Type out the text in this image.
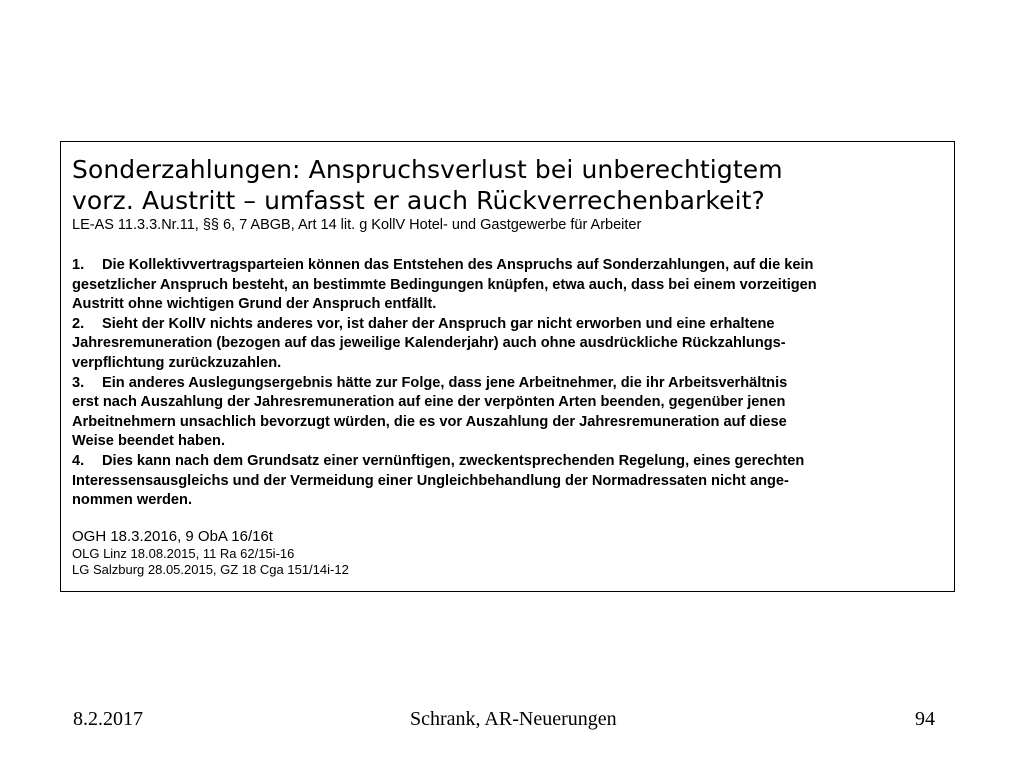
Sonderzahlungen: Anspruchsverlust bei unberechtigtem
vorz. Austritt – umfasst er auch Rückverrechenbarkeit?

LE-AS 11.3.3.Nr.11, §§ 6, 7 ABGB, Art 14 lit. g KollV Hotel- und Gastgewerbe für Arbeiter

1. Die Kollektivvertragsparteien können das Entstehen des Anspruchs auf Sonderzahlungen, auf die kein
gesetzlicher Anspruch besteht, an bestimmte Bedingungen knüpfen, etwa auch, dass bei einem vorzeitigen
Austritt ohne wichtigen Grund der Anspruch entfällt.

2. Sieht der KollV nichts anderes vor, ist daher der Anspruch gar nicht erworben und eine erhaltene
Jahresremuneration (bezogen auf das jeweilige Kalenderjahr) auch ohne ausdrückliche Rückzahlungs-
verpflichtung zurückzuzahlen.

3. Ein anderes Auslegungsergebnis hätte zur Folge, dass jene Arbeitnehmer, die ihr Arbeitsverhältnis
erst nach Auszahlung der Jahresremuneration auf eine der verpönten Arten beenden, gegenüber jenen
Arbeitnehmern unsachlich bevorzugt würden, die es vor Auszahlung der Jahresremuneration auf diese
Weise beendet haben.

4. Dies kann nach dem Grundsatz einer vernünftigen, zweckentsprechenden Regelung, eines gerechten
Interessensausgleichs und der Vermeidung einer Ungleichbehandlung der Normadressaten nicht ange-
nommen werden.

OGH 18.3.2016, 9 ObA 16/16t

OLG Linz 18.08.2015, 11 Ra 62/15i-16

LG Salzburg 28.05.2015, GZ 18 Cga 151/14i-12

8.2.2017	Schrank, AR-Neuerungen	94
